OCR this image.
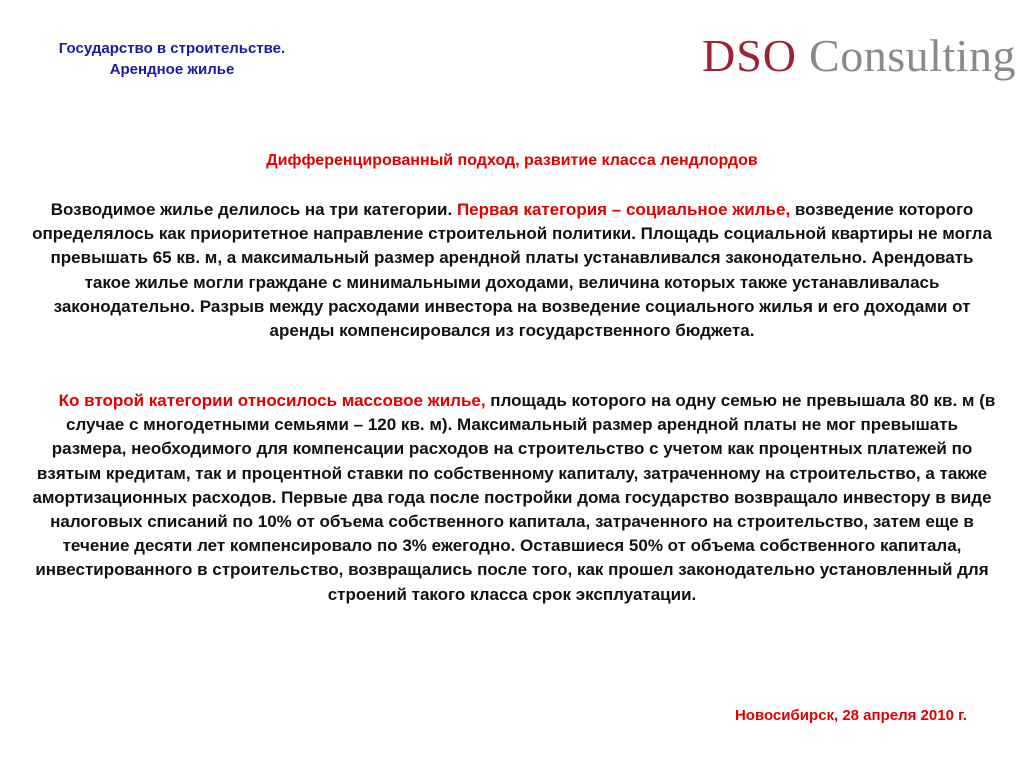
Государство в строительстве.
Арендное жилье	DSO Consulting
Дифференцированный подход, развитие класса лендлордов
Возводимое жилье делилось на три категории. Первая категория – социальное жилье, возведение которого определялось как приоритетное направление строительной политики. Площадь социальной квартиры не могла превышать 65 кв. м, а максимальный размер арендной платы устанавливался законодательно. Арендовать такое жилье могли граждане с минимальными доходами, величина которых также устанавливалась законодательно. Разрыв между расходами инвестора на возведение социального жилья и его доходами от аренды компенсировался из государственного бюджета.
Ко второй категории относилось массовое жилье, площадь которого на одну семью не превышала 80 кв. м (в случае с многодетными семьями – 120 кв. м). Максимальный размер арендной платы не мог превышать размера, необходимого для компенсации расходов на строительство с учетом как процентных платежей по взятым кредитам, так и процентной ставки по собственному капиталу, затраченному на строительство, а также амортизационных расходов. Первые два года после постройки дома государство возвращало инвестору в виде налоговых списаний по 10% от объема собственного капитала, затраченного на строительство, затем еще в течение десяти лет компенсировало по 3% ежегодно. Оставшиеся 50% от объема собственного капитала, инвестированного в строительство, возвращались после того, как прошел законодательно установленный для строений такого класса срок эксплуатации.
Новосибирск, 28 апреля 2010 г.
